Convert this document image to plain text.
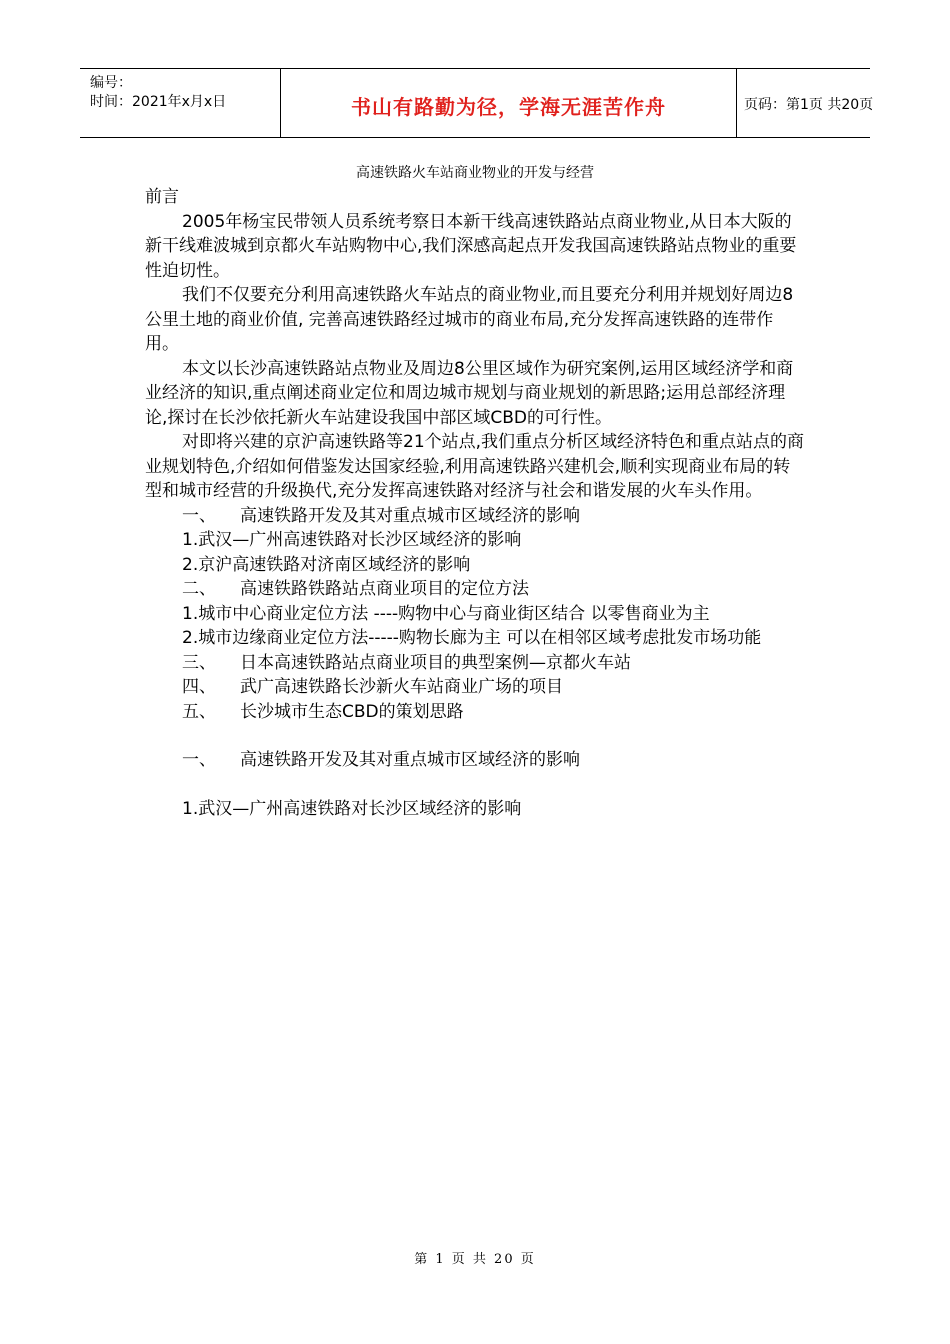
编号：
时间：2021年x月x日	书山有路勤为径，学海无涯苦作舟	页码：第1页 共20页
高速铁路火车站商业物业的开发与经营

前言

2005年杨宝民带领人员系统考察日本新干线高速铁路站点商业物业,从日本大阪的新干线难波城到京都火车站购物中心,我们深感高起点开发我国高速铁路站点物业的重要性迫切性。

我们不仅要充分利用高速铁路火车站点的商业物业,而且要充分利用并规划好周边8公里土地的商业价值, 完善高速铁路经过城市的商业布局,充分发挥高速铁路的连带作用。

本文以长沙高速铁路站点物业及周边8公里区域作为研究案例,运用区域经济学和商业经济的知识,重点阐述商业定位和周边城市规划与商业规划的新思路;运用总部经济理论,探讨在长沙依托新火车站建设我国中部区域CBD的可行性。

对即将兴建的京沪高速铁路等21个站点,我们重点分析区域经济特色和重点站点的商业规划特色,介绍如何借鉴发达国家经验,利用高速铁路兴建机会,顺利实现商业布局的转型和城市经营的升级换代,充分发挥高速铁路对经济与社会和谐发展的火车头作用。

一、 高速铁路开发及其对重点城市区域经济的影响

1.武汉—广州高速铁路对长沙区域经济的影响

2.京沪高速铁路对济南区域经济的影响

二、 高速铁路铁路站点商业项目的定位方法

1.城市中心商业定位方法 ----购物中心与商业街区结合 以零售商业为主

2.城市边缘商业定位方法-----购物长廊为主 可以在相邻区域考虑批发市场功能

三、 日本高速铁路站点商业项目的典型案例—京都火车站

四、 武广高速铁路长沙新火车站商业广场的项目

五、 长沙城市生态CBD的策划思路

一、 高速铁路开发及其对重点城市区域经济的影响

1.武汉—广州高速铁路对长沙区域经济的影响

第 1 页 共 20 页
